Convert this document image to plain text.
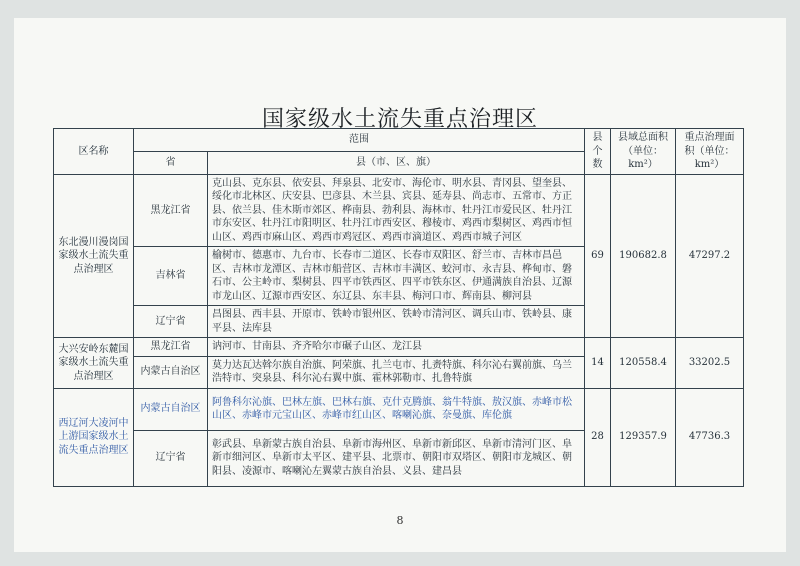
国家级水土流失重点治理区
区名称	范围		县个数	县域总面积（单位：km²）	重点治理面积（单位：km²）
	省	县（市、区、旗）			
东北漫川漫岗国家级水土流失重点治理区	黑龙江省	克山县、克东县、依安县、拜泉县、北安市、海伦市、明水县、青冈县、望奎县、绥化市北林区、庆安县、巴彦县、木兰县、宾县、延寿县、尚志市、五常市、方正县、依兰县、佳木斯市郊区、桦南县、勃利县、海林市、牡丹江市爱民区、牡丹江市东安区、牡丹江市阳明区、牡丹江市西安区、穆棱市、鸡西市梨树区、鸡西市恒山区、鸡西市麻山区、鸡西市鸡冠区、鸡西市滴道区、鸡西市城子河区	69	190682.8	47297.2
	吉林省	榆树市、德惠市、九台市、长春市二道区、长春市双阳区、舒兰市、吉林市昌邑区、吉林市龙潭区、吉林市船营区、吉林市丰满区、蛟河市、永吉县、桦甸市、磐石市、公主岭市、梨树县、四平市铁西区、四平市铁东区、伊通满族自治县、辽源市龙山区、辽源市西安区、东辽县、东丰县、梅河口市、辉南县、柳河县			
	辽宁省	昌图县、西丰县、开原市、铁岭市银州区、铁岭市清河区、调兵山市、铁岭县、康平县、法库县			
大兴安岭东麓国家级水土流失重点治理区	黑龙江省	讷河市、甘南县、齐齐哈尔市碾子山区、龙江县	14	120558.4	33202.5
	内蒙古自治区	莫力达瓦达斡尔族自治旗、阿荣旗、扎兰屯市、扎赉特旗、科尔沁右翼前旗、乌兰浩特市、突泉县、科尔沁右翼中旗、霍林郭勒市、扎鲁特旗			
西辽河大凌河中上游国家级水土流失重点治理区	内蒙古自治区	阿鲁科尔沁旗、巴林左旗、巴林右旗、克什克腾旗、翁牛特旗、敖汉旗、赤峰市松山区、赤峰市元宝山区、赤峰市红山区、喀喇沁旗、奈曼旗、库伦旗	28	129357.9	47736.3
	辽宁省	彰武县、阜新蒙古族自治县、阜新市海州区、阜新市新邱区、阜新市清河门区、阜新市细河区、阜新市太平区、建平县、北票市、朝阳市双塔区、朝阳市龙城区、朝阳县、凌源市、喀喇沁左翼蒙古族自治县、义县、建昌县			
8
